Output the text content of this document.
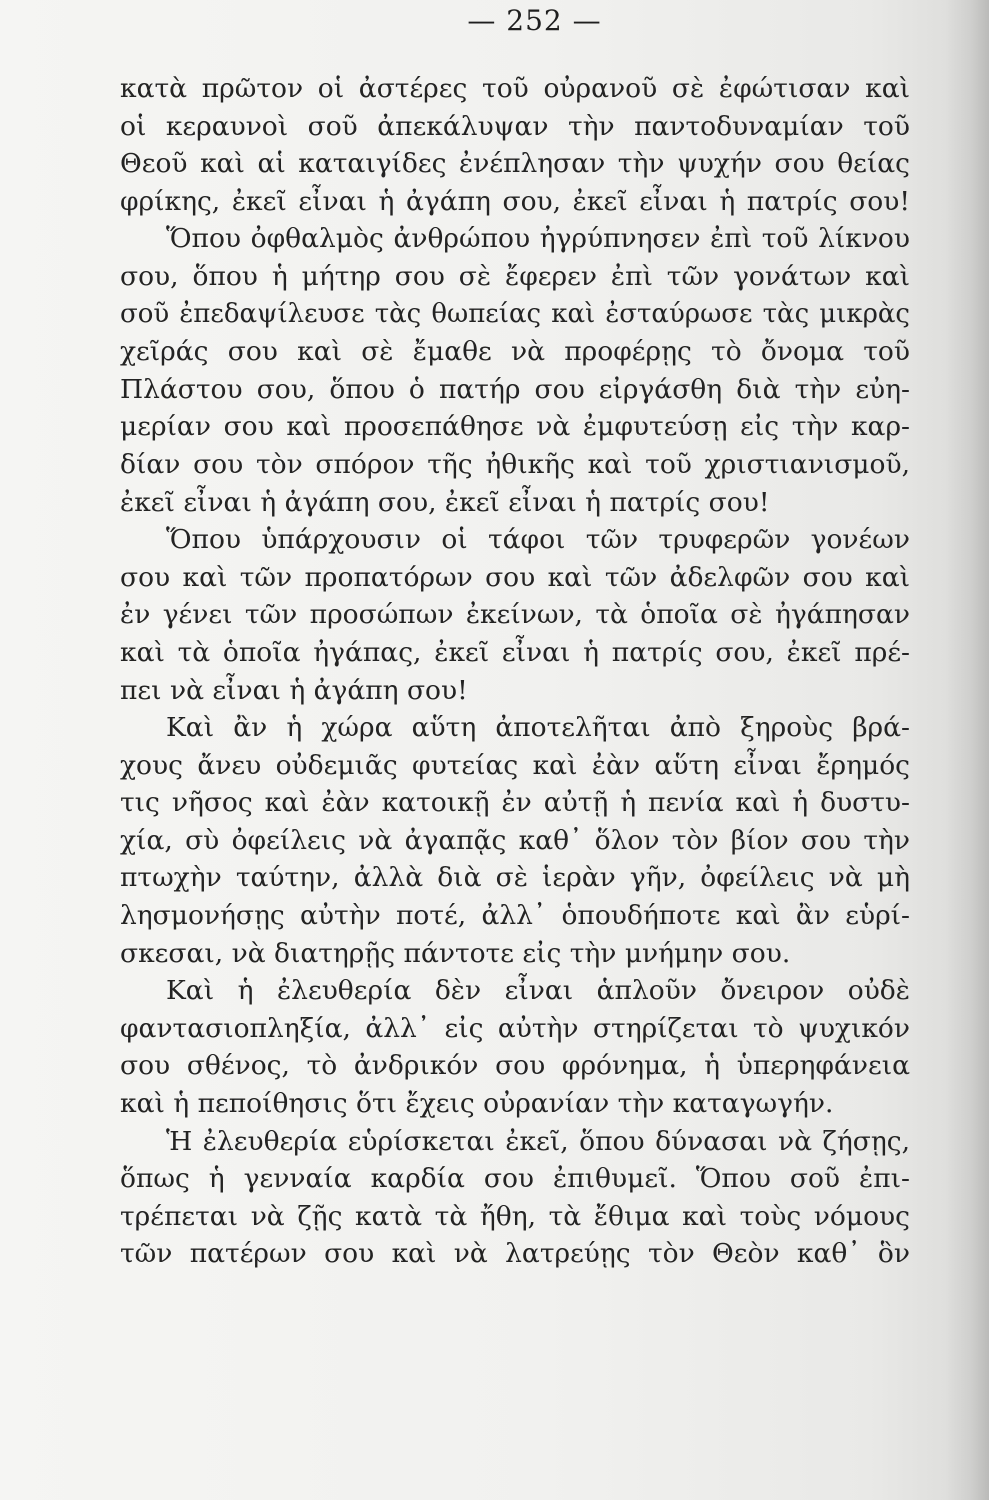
— 252 —
κατὰ πρῶτον οἱ ἀστέρες τοῦ οὐρανοῦ σὲ ἐφώτισαν καὶ
οἱ κεραυνοὶ σοῦ ἀπεκάλυψαν τὴν παντοδυναμίαν τοῦ
Θεοῦ καὶ αἱ καταιγίδες ἐνέπλησαν τὴν ψυχήν σου θείας
φρίκης, ἐκεῖ εἶναι ἡ ἀγάπη σου, ἐκεῖ εἶναι ἡ πατρίς σου!
Ὅπου ὀφθαλμὸς ἀνθρώπου ἠγρύπνησεν ἐπὶ τοῦ λίκνου
σου, ὅπου ἡ μήτηρ σου σὲ ἔφερεν ἐπὶ τῶν γονάτων καὶ
σοῦ ἐπεδαψίλευσε τὰς θωπείας καὶ ἐσταύρωσε τὰς μικρὰς
χεῖράς σου καὶ σὲ ἔμαθε νὰ προφέρῃς τὸ ὄνομα τοῦ
Πλάστου σου, ὅπου ὁ πατήρ σου εἰργάσθη διὰ τὴν εὐη-
μερίαν σου καὶ προσεπάθησε νὰ ἐμφυτεύσῃ εἰς τὴν καρ-
δίαν σου τὸν σπόρον τῆς ἠθικῆς καὶ τοῦ χριστιανισμοῦ,
ἐκεῖ εἶναι ἡ ἀγάπη σου, ἐκεῖ εἶναι ἡ πατρίς σου!
Ὅπου ὑπάρχουσιν οἱ τάφοι τῶν τρυφερῶν γονέων
σου καὶ τῶν προπατόρων σου καὶ τῶν ἀδελφῶν σου καὶ
ἐν γένει τῶν προσώπων ἐκείνων, τὰ ὁποῖα σὲ ἠγάπησαν
καὶ τὰ ὁποῖα ἠγάπας, ἐκεῖ εἶναι ἡ πατρίς σου, ἐκεῖ πρέ-
πει νὰ εἶναι ἡ ἀγάπη σου!
Καὶ ἂν ἡ χώρα αὕτη ἀποτελῆται ἀπὸ ξηροὺς βρά-
χους ἄνευ οὐδεμιᾶς φυτείας καὶ ἐὰν αὕτη εἶναι ἔρημός
τις νῆσος καὶ ἐὰν κατοικῇ ἐν αὐτῇ ἡ πενία καὶ ἡ δυστυ-
χία, σὺ ὀφείλεις νὰ ἀγαπᾷς καθ᾽ ὅλον τὸν βίον σου τὴν
πτωχὴν ταύτην, ἀλλὰ διὰ σὲ ἱερὰν γῆν, ὀφείλεις νὰ μὴ
λησμονήσῃς αὐτὴν ποτέ, ἀλλ᾽ ὁπουδήποτε καὶ ἂν εὑρί-
σκεσαι, νὰ διατηρῇς πάντοτε εἰς τὴν μνήμην σου.
Καὶ ἡ ἐλευθερία δὲν εἶναι ἁπλοῦν ὄνειρον οὐδὲ
φαντασιοπληξία, ἀλλ᾽ εἰς αὐτὴν στηρίζεται τὸ ψυχικόν
σου σθένος, τὸ ἀνδρικόν σου φρόνημα, ἡ ὑπερηφάνεια
καὶ ἡ πεποίθησις ὅτι ἔχεις οὐρανίαν τὴν καταγωγήν.
Ἡ ἐλευθερία εὑρίσκεται ἐκεῖ, ὅπου δύνασαι νὰ ζήσῃς,
ὅπως ἡ γενναία καρδία σου ἐπιθυμεῖ. Ὅπου σοῦ ἐπι-
τρέπεται νὰ ζῇς κατὰ τὰ ἤθη, τὰ ἔθιμα καὶ τοὺς νόμους
τῶν πατέρων σου καὶ νὰ λατρεύῃς τὸν Θεὸν καθ᾽ ὃν
